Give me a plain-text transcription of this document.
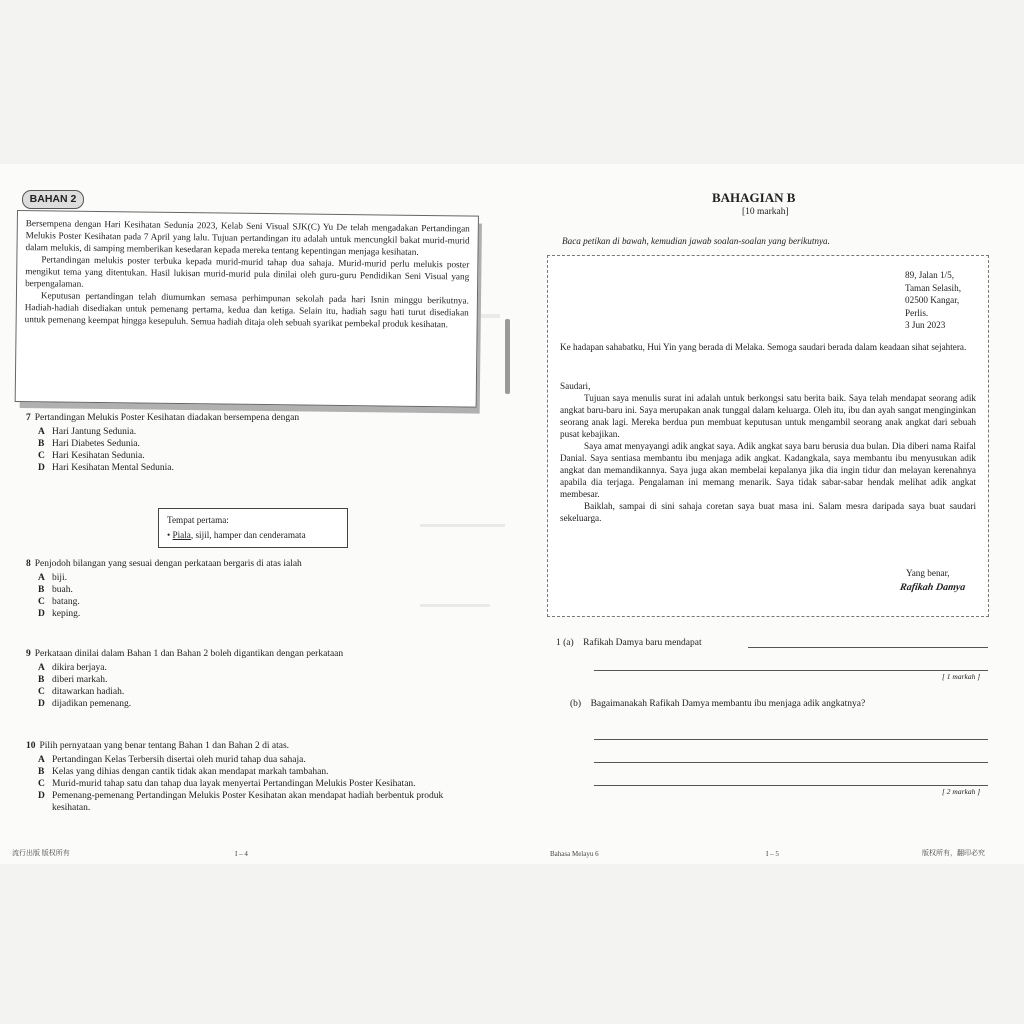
BAHAN 2

Bersempena dengan Hari Kesihatan Sedunia 2023, Kelab Seni Visual SJK(C) Yu De telah mengadakan Pertandingan Melukis Poster Kesihatan pada 7 April yang lalu. Tujuan pertandingan itu adalah untuk mencungkil bakat murid-murid dalam melukis, di samping memberikan kesedaran kepada mereka tentang kepentingan menjaga kesihatan.

Pertandingan melukis poster terbuka kepada murid-murid tahap dua sahaja. Murid-murid perlu melukis poster mengikut tema yang ditentukan. Hasil lukisan murid-murid pula dinilai oleh guru-guru Pendidikan Seni Visual yang berpengalaman.

Keputusan pertandingan telah diumumkan semasa perhimpunan sekolah pada hari Isnin minggu berikutnya. Hadiah-hadiah disediakan untuk pemenang pertama, kedua dan ketiga. Selain itu, hadiah sagu hati turut disediakan untuk pemenang keempat hingga kesepuluh. Semua hadiah ditaja oleh sebuah syarikat pembekal produk kesihatan.

7 Pertandingan Melukis Poster Kesihatan diadakan bersempena dengan
A Hari Jantung Sedunia.
B Hari Diabetes Sedunia.
C Hari Kesihatan Sedunia.
D Hari Kesihatan Mental Sedunia.
Tempat pertama:
• Piala, sijil, hamper dan cenderamata
8 Penjodoh bilangan yang sesuai dengan perkataan bergaris di atas ialah
A biji.
B buah.
C batang.
D keping.
9 Perkataan dinilai dalam Bahan 1 dan Bahan 2 boleh digantikan dengan perkataan
A dikira berjaya.
B diberi markah.
C ditawarkan hadiah.
D dijadikan pemenang.
10 Pilih pernyataan yang benar tentang Bahan 1 dan Bahan 2 di atas.
A Pertandingan Kelas Terbersih disertai oleh murid tahap dua sahaja.
B Kelas yang dihias dengan cantik tidak akan mendapat markah tambahan.
C Murid-murid tahap satu dan tahap dua layak menyertai Pertandingan Melukis Poster Kesihatan.
D Pemenang-pemenang Pertandingan Melukis Poster Kesihatan akan mendapat hadiah berbentuk produk kesihatan.
流行出版 版权所有	I – 4
BAHAGIAN B
[10 markah]
Baca petikan di bawah, kemudian jawab soalan-soalan yang berikutnya.
89, Jalan 1/5,
Taman Selasih,
02500 Kangar,
Perlis.
3 Jun 2023

Ke hadapan sahabatku, Hui Yin yang berada di Melaka. Semoga saudari berada dalam keadaan sihat sejahtera.

Saudari,

Tujuan saya menulis surat ini adalah untuk berkongsi satu berita baik. Saya telah mendapat seorang adik angkat baru-baru ini. Saya merupakan anak tunggal dalam keluarga. Oleh itu, ibu dan ayah sangat menginginkan seorang anak lagi. Mereka berdua pun membuat keputusan untuk mengambil seorang anak angkat dari sebuah pusat kebajikan.

Saya amat menyayangi adik angkat saya. Adik angkat saya baru berusia dua bulan. Dia diberi nama Raifal Danial. Saya sentiasa membantu ibu menjaga adik angkat. Kadangkala, saya membantu ibu menyusukan adik angkat dan memandikannya. Saya juga akan membelai kepalanya jika dia ingin tidur dan melayan kerenahnya apabila dia terjaga. Pengalaman ini memang menarik. Saya tidak sabar-sabar hendak melihat adik angkat membesar.

Baiklah, sampai di sini sahaja coretan saya buat masa ini. Salam mesra daripada saya buat saudari sekeluarga.

Yang benar,
Rafikah Damya
1 (a) Rafikah Damya baru mendapat
[ 1 markah ]
(b) Bagaimanakah Rafikah Damya membantu ibu menjaga adik angkatnya?
[ 2 markah ]
Bahasa Melayu 6	I – 5	版权所有，翻印必究
